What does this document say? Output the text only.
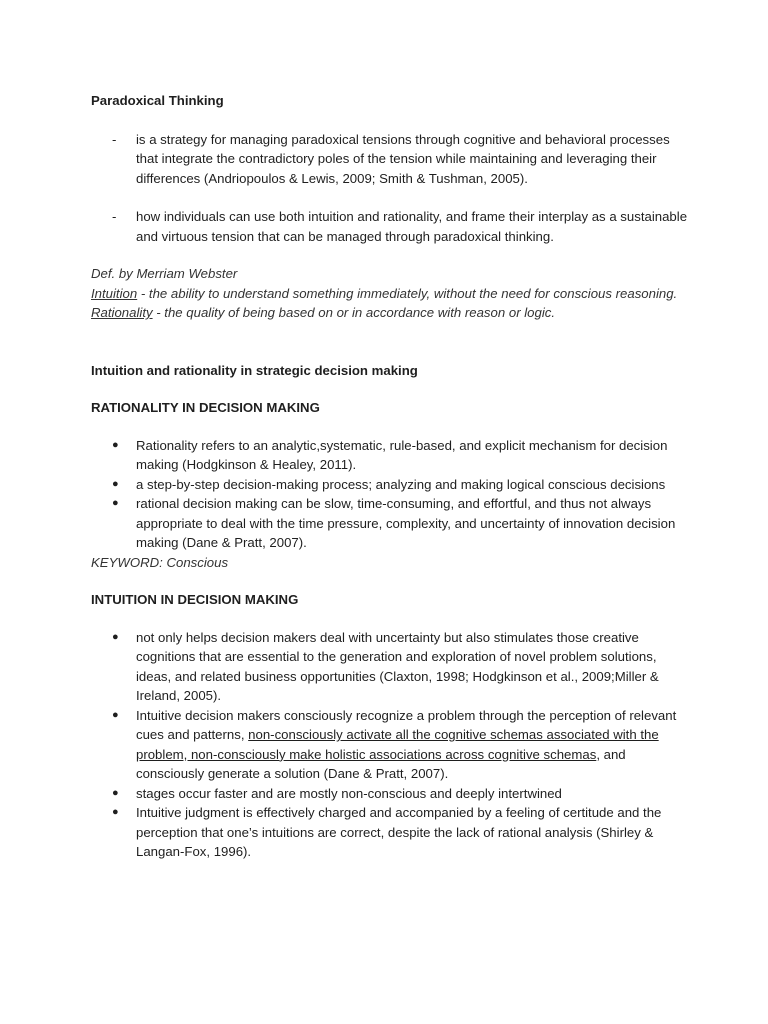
Paradoxical Thinking
- is a strategy for managing paradoxical tensions through cognitive and behavioral processes that integrate the contradictory poles of the tension while maintaining and leveraging their differences (Andriopoulos & Lewis, 2009; Smith & Tushman, 2005).
- how individuals can use both intuition and rationality, and frame their interplay as a sustainable and virtuous tension that can be managed through paradoxical thinking.
Def. by Merriam Webster
Intuition - the ability to understand something immediately, without the need for conscious reasoning.
Rationality - the quality of being based on or in accordance with reason or logic.
Intuition and rationality in strategic decision making
RATIONALITY IN DECISION MAKING
● Rationality refers to an analytic,systematic, rule-based, and explicit mechanism for decision making (Hodgkinson & Healey, 2011).
● a step-by-step decision-making process; analyzing and making logical conscious decisions
● rational decision making can be slow, time-consuming, and effortful, and thus not always appropriate to deal with the time pressure, complexity, and uncertainty of innovation decision making (Dane & Pratt, 2007).
KEYWORD: Conscious
INTUITION IN DECISION MAKING
● not only helps decision makers deal with uncertainty but also stimulates those creative cognitions that are essential to the generation and exploration of novel problem solutions, ideas, and related business opportunities (Claxton, 1998; Hodgkinson et al., 2009;Miller & Ireland, 2005).
● Intuitive decision makers consciously recognize a problem through the perception of relevant cues and patterns, non-consciously activate all the cognitive schemas associated with the problem, non-consciously make holistic associations across cognitive schemas, and consciously generate a solution (Dane & Pratt, 2007).
● stages occur faster and are mostly non-conscious and deeply intertwined
● Intuitive judgment is effectively charged and accompanied by a feeling of certitude and the perception that one’s intuitions are correct, despite the lack of rational analysis (Shirley & Langan-Fox, 1996).
